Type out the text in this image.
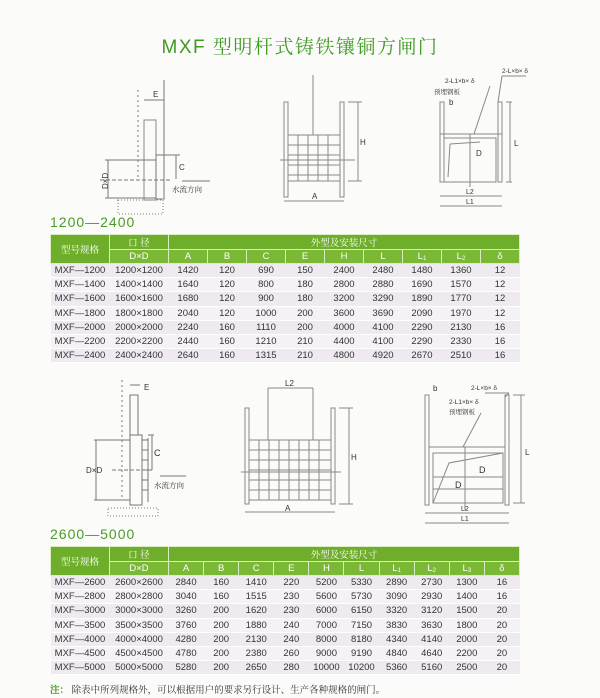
MXF 型明杆式铸铁镶铜方闸门
E
C
D×D
水流方向
A
H
2-L×b× δ
2-L1×b× δ
预埋钢板
b
D
L
L2
L1
1200—2400
型号规格	口 径	外型及安装尺寸								
	D×D	A	B	C	E	H	L	$L_1$	$L_2$	δ
MXF—1200	1200×1200	1420	120	690	150	2400	2480	1480	1360	12
MXF—1400	1400×1400	1640	120	800	180	2800	2880	1690	1570	12
MXF—1600	1600×1600	1680	120	900	180	3200	3290	1890	1770	12
MXF—1800	1800×1800	2040	120	1000	200	3600	3690	2090	1970	12
MXF—2000	2000×2000	2240	160	1110	200	4000	4100	2290	2130	16
MXF—2200	2200×2200	2440	160	1210	210	4400	4100	2290	2330	16
MXF—2400	2400×2400	2640	160	1315	210	4800	4920	2670	2510	16
E
C
D×D
水流方向
L2
A
H
b	2-L×b× δ
2-L1×b× δ
预埋钢板
D
D
L
L2
L1
2600—5000
型号规格	口 径	外型及安装尺寸									
	D×D	A	B	C	E	H	L	$L_1$	$L_2$	$L_3$	δ
MXF—2600	2600×2600	2840	160	1410	220	5200	5330	2890	2730	1300	16
MXF—2800	2800×2800	3040	160	1515	230	5600	5730	3090	2930	1400	16
MXF—3000	3000×3000	3260	200	1620	230	6000	6150	3320	3120	1500	20
MXF—3500	3500×3500	3760	200	1880	240	7000	7150	3830	3630	1800	20
MXF—4000	4000×4000	4280	200	2130	240	8000	8180	4340	4140	2000	20
MXF—4500	4500×4500	4780	200	2380	260	9000	9190	4840	4640	2200	20
MXF—5000	5000×5000	5280	200	2650	280	10000	10200	5360	5160	2500	20
注： 除表中所列规格外，可以根据用户的要求另行设计、生产各种规格的闸门。
